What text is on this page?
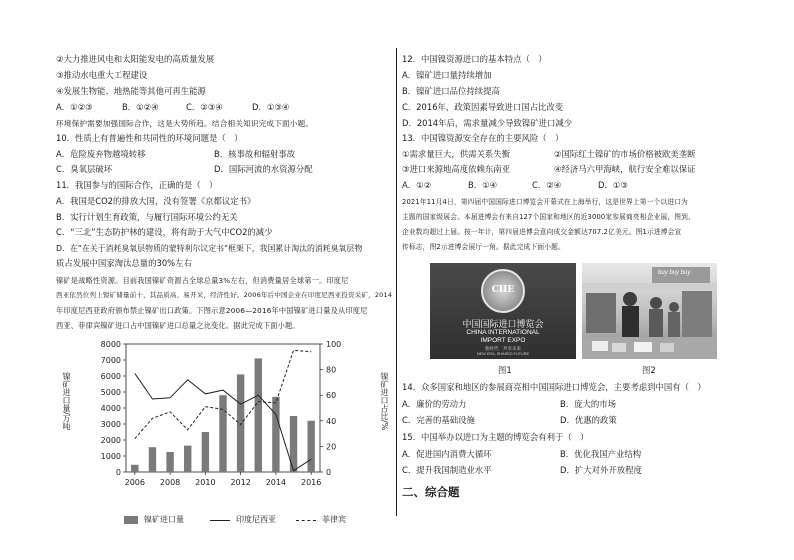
②大力推进风电和太阳能发电的高质量发展
③推动水电重大工程建设
④发展生物能、地热能等其他可再生能源
A．①②③	B．①②④	C．②③④	D．①③④
环境保护需要加强国际合作，这是大势所趋。结合相关知识完成下面小题。
10．性质上有普遍性和共同性的环境问题是（　）
A．危险废弃物越境转移	B．核事故和辐射事故
C．臭氧层破坏	D．国际河流的水资源分配
11．我国参与的国际合作，正确的是（　）
A．我国是CO2的排放大国，没有签署《京都议定书》
B．实行计划生育政策，与履行国际环境公约无关
C．“三北”生态防护林的建设，将有助于大气中CO2的减少
D．在“在关于消耗臭氧层物质的蒙特利尔议定书”框架下，我国累计淘汰的消耗臭氧层物
质占发展中国家淘汰总量的30%左右
镍矿是战略性资源。目前我国镍矿资源占全球总量3%左右，但消费量居全球第一。印度尼
西亚依然位列上镍矿储量前十，其品质高、易开采，经济性好。2006年后中国企业在印度尼西亚投资采矿，2014
年印度尼西亚政府颁布禁止镍矿出口政策。下图示意2006—2016年中国镍矿进口量及从印度尼
西亚、菲律宾镍矿进口占中国镍矿进口总量之比变化。据此完成下面小题。
0
1000
2000
3000
4000
5000
6000
7000
8000
0
20
40
60
80
100
2006 2008 2010 2012 2014 2016
镍矿进口量/万吨	镍矿进口占比/%
镍矿进口量	印度尼西亚	菲律宾
12．中国镍资源进口的基本特点（　）
A．镍矿进口量持续增加
B．镍矿进口品位持续提高
C．2016年，政策因素导致进口国占比改变
D．2014年后，需求量减少导致镍矿进口减少
13．中国镍资源安全存在的主要风险（　）
①需求量巨大，供需关系失衡	②国际红土镍矿的市场价格被欧美垄断
③进口来源地高度依赖东南亚	④经济马六甲海峡，航行安全难以保证
A．①②	B．①④	C．②④	D．①③
2021年11月4日，第四届中国国际进口博览会开幕式在上海举行，这是世界上第一个以进口为
主题的国家级展会。本届进博会有来自127个国家和地区的近3000家参展商亮相企业展，图到、
企业数均超过上届。按一年计，第四届进博会意向成交金额达707.2亿美元。图1示进博会宣
传标志，图2示进博会展厅一角。据此完成下面小题。
CIIE
中国国际进口博览会
CHINA INTERNATIONAL
IMPORT EXPO
新时代　共享未来
NEW ERA, SHARED FUTURE
buy buy buy
图1	图2
14．众多国家和地区的参展商亮相中国国际进口博览会，主要考虑到中国有（　）
A．廉价的劳动力	B．庞大的市场
C．完善的基础设施	D．优惠的政策
15．中国举办以进口为主题的博览会有利于（　）
A．促进国内消费大循环	B．优化我国产业结构
C．提升我国制造业水平	D．扩大对外开放程度
二、综合题
